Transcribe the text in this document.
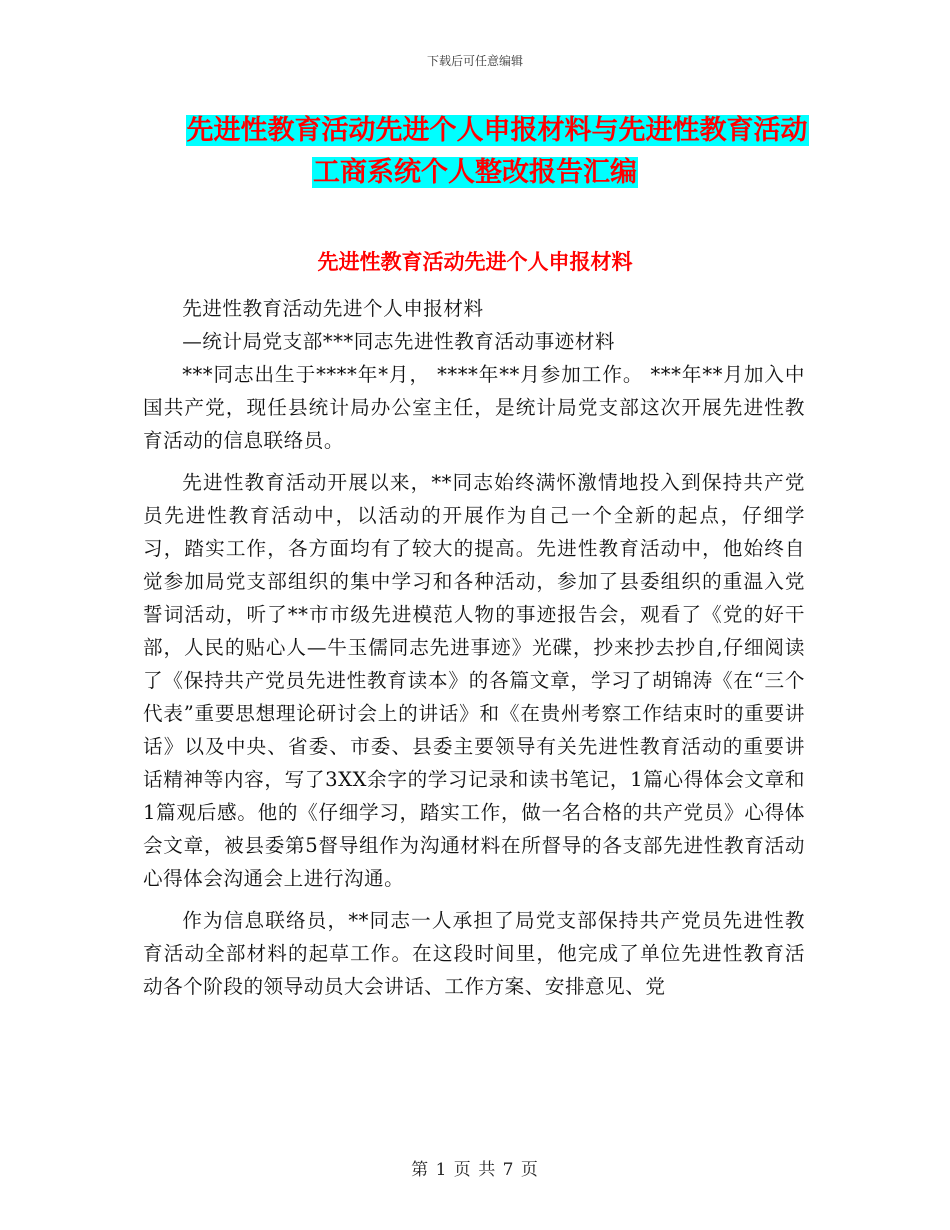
下载后可任意编辑
先进性教育活动先进个人申报材料与先进性教育活动
工商系统个人整改报告汇编
先进性教育活动先进个人申报材料

先进性教育活动先进个人申报材料

—统计局党支部***同志先进性教育活动事迹材料

***同志出生于****年*月， ****年**月参加工作。 ***年**月加入中国共产党，现任县统计局办公室主任，是统计局党支部这次开展先进性教育活动的信息联络员。

先进性教育活动开展以来，**同志始终满怀激情地投入到保持共产党员先进性教育活动中，以活动的开展作为自己一个全新的起点，仔细学习，踏实工作，各方面均有了较大的提高。先进性教育活动中，他始终自觉参加局党支部组织的集中学习和各种活动，参加了县委组织的重温入党誓词活动，听了**市市级先进模范人物的事迹报告会，观看了《党的好干部，人民的贴心人—牛玉儒同志先进事迹》光碟，抄来抄去抄自,仔细阅读了《保持共产党员先进性教育读本》的各篇文章，学习了胡锦涛《在“三个代表”重要思想理论研讨会上的讲话》和《在贵州考察工作结束时的重要讲话》以及中央、省委、市委、县委主要领导有关先进性教育活动的重要讲话精神等内容，写了3XX余字的学习记录和读书笔记，1篇心得体会文章和1篇观后感。他的《仔细学习，踏实工作，做一名合格的共产党员》心得体会文章，被县委第5督导组作为沟通材料在所督导的各支部先进性教育活动心得体会沟通会上进行沟通。

作为信息联络员，**同志一人承担了局党支部保持共产党员先进性教育活动全部材料的起草工作。在这段时间里，他完成了单位先进性教育活动各个阶段的领导动员大会讲话、工作方案、安排意见、党

第 1 页 共 7 页
